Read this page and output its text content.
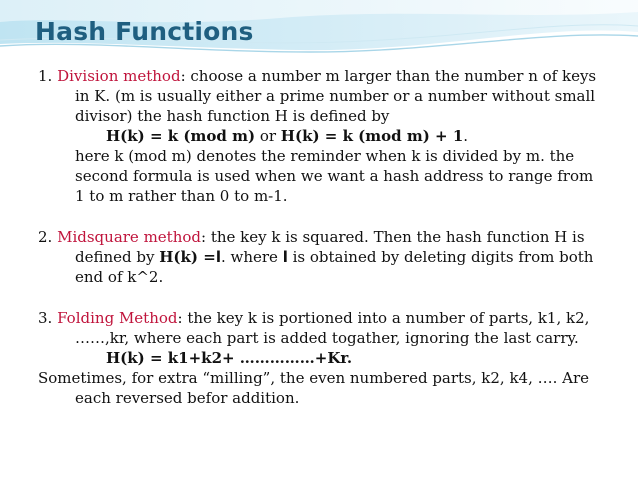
Hash Functions

1. Division method: choose a number m larger than the number n of keys in K. (m is usually either a prime number or a number without small divisor) the hash function H is defined by

H(k) = k (mod m) or H(k) = k (mod m) + 1.

here k (mod m) denotes the reminder when k is divided by m. the second formula is used when we want a hash address to range from 1 to m rather than 0 to m-1.

2. Midsquare method: the key k is squared. Then the hash function H is defined by H(k) =l. where l is obtained by deleting digits from both end of k^2.

3. Folding Method: the key k is portioned into a number of parts, k1, k2, ……,kr, where each part is added togather, ignoring the last carry.

H(k) = k1+k2+ ……………+Kr.

Sometimes, for extra “milling”, the even numbered parts, k2, k4, …. Are each reversed befor addition.
